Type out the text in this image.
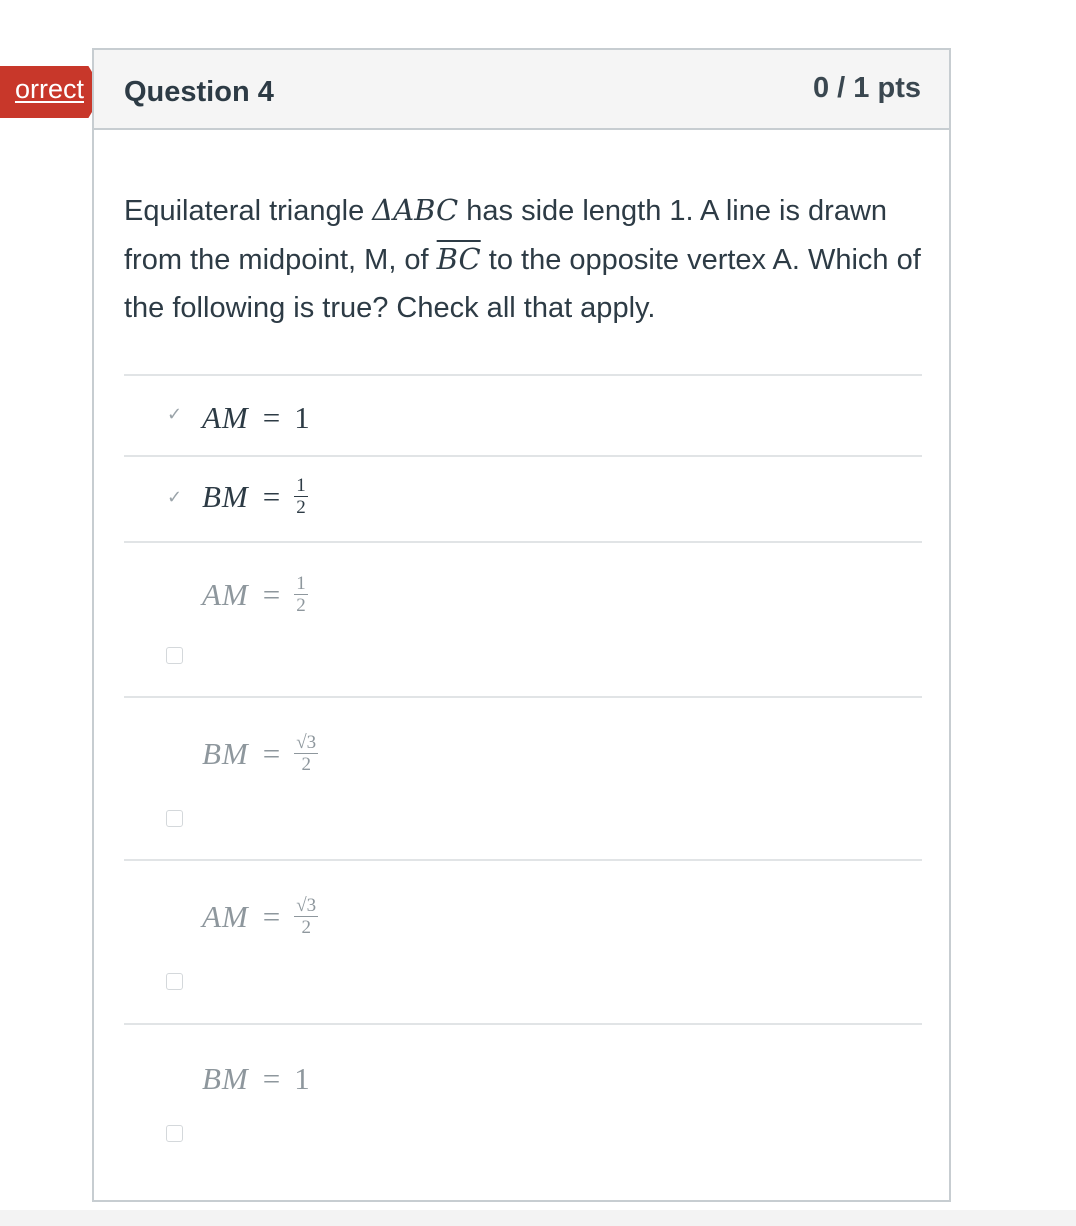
orrect Question 4	0 / 1 pts
Equilateral triangle ΔABC has side length 1. A line is drawn from the midpoint, M, of $\overline{BC}$ to the opposite vertex A. Which of the following is true? Check all that apply.
✓
AM = 1
✓
BM = $\frac{1}{2}$
AM = $\frac{1}{2}$
BM = $\frac{√3}{2}$
AM = $\frac{√3}{2}$
BM = 1
